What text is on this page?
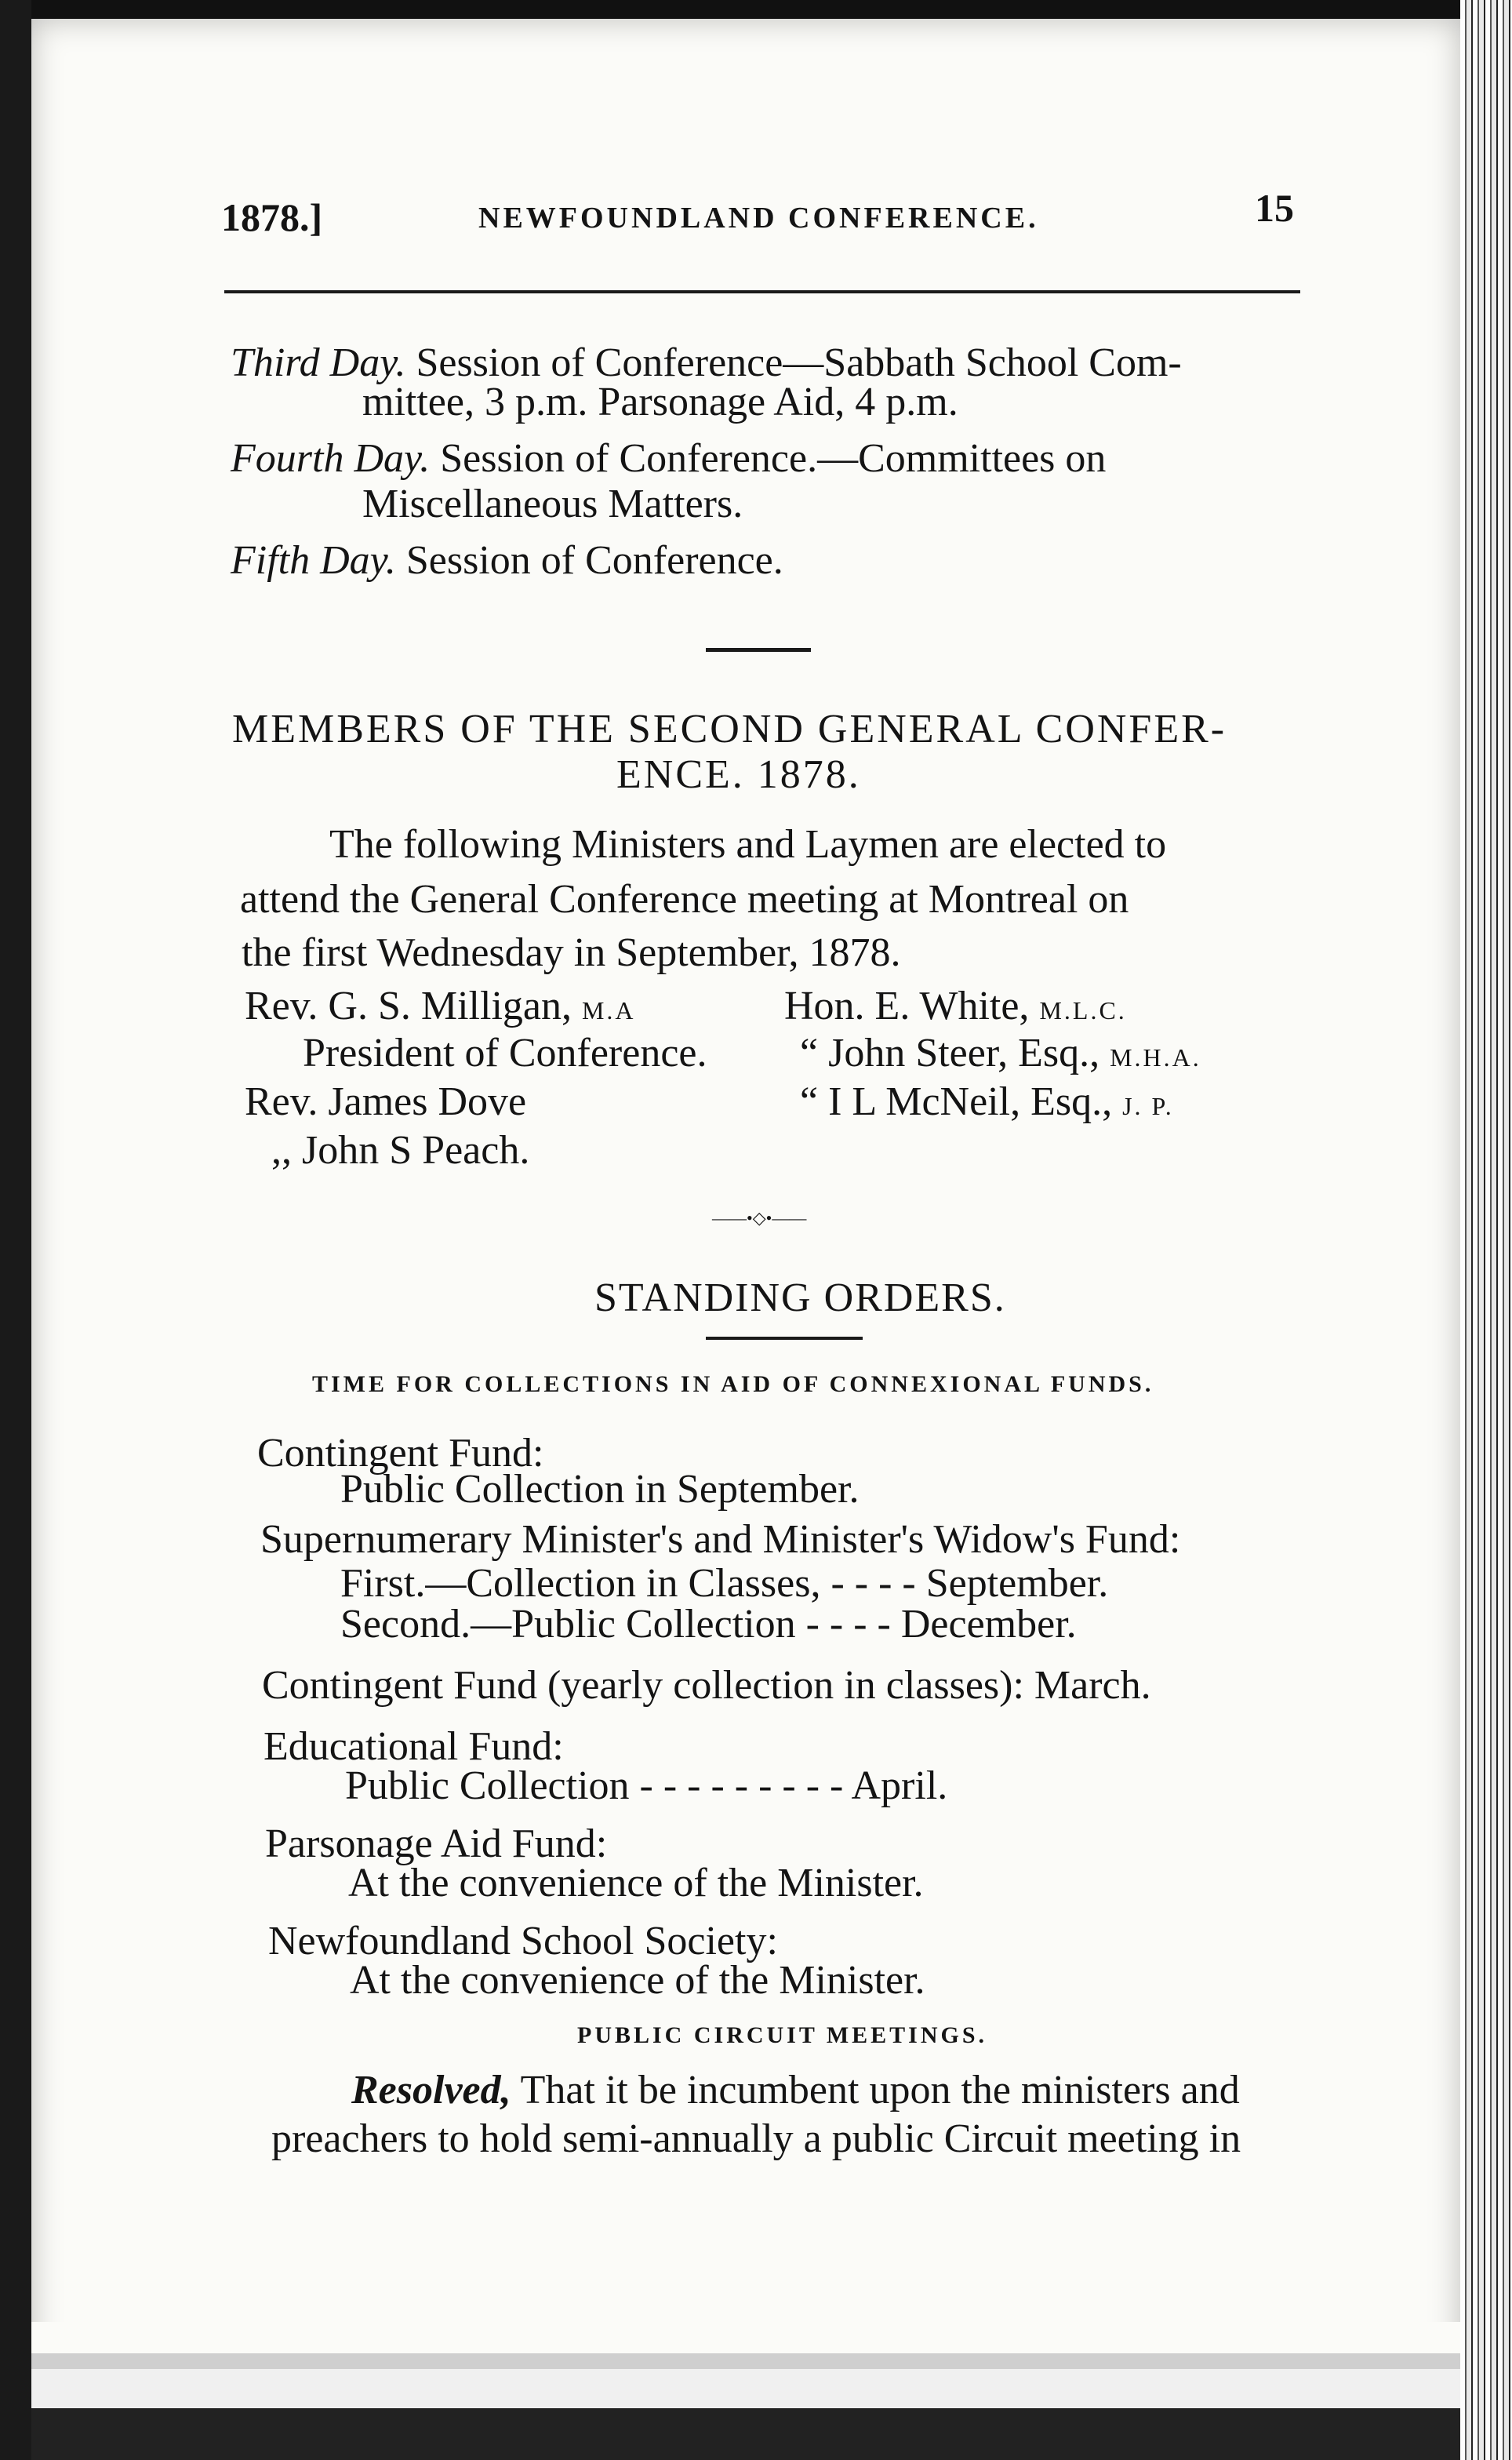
1878.]	NEWFOUNDLAND CONFERENCE.	15
Third Day. Session of Conference—Sabbath School Com-
mittee, 3 p.m. Parsonage Aid, 4 p.m.
Fourth Day. Session of Conference.—Committees on
Miscellaneous Matters.
Fifth Day. Session of Conference.
MEMBERS OF THE SECOND GENERAL CONFER-
ENCE. 1878.
The following Ministers and Laymen are elected to
attend the General Conference meeting at Montreal on
the first Wednesday in September, 1878.
Rev. G. S. Milligan, M.A
President of Conference.
Rev. James Dove
,, John S Peach.
Hon. E. White, M.L.C.
“ John Steer, Esq., M.H.A.
“ I L McNeil, Esq., J. P.
——•◇•——
STANDING ORDERS.
TIME FOR COLLECTIONS IN AID OF CONNEXIONAL FUNDS.
Contingent Fund:
Public Collection in September.
Supernumerary Minister's and Minister's Widow's Fund:
First.—Collection in Classes, - - - - September.
Second.—Public Collection - - - - December.
Contingent Fund (yearly collection in classes): March.
Educational Fund:
Public Collection - - - - - - - - - April.
Parsonage Aid Fund:
At the convenience of the Minister.
Newfoundland School Society:
At the convenience of the Minister.
PUBLIC CIRCUIT MEETINGS.
Resolved, That it be incumbent upon the ministers and
preachers to hold semi-annually a public Circuit meeting in
